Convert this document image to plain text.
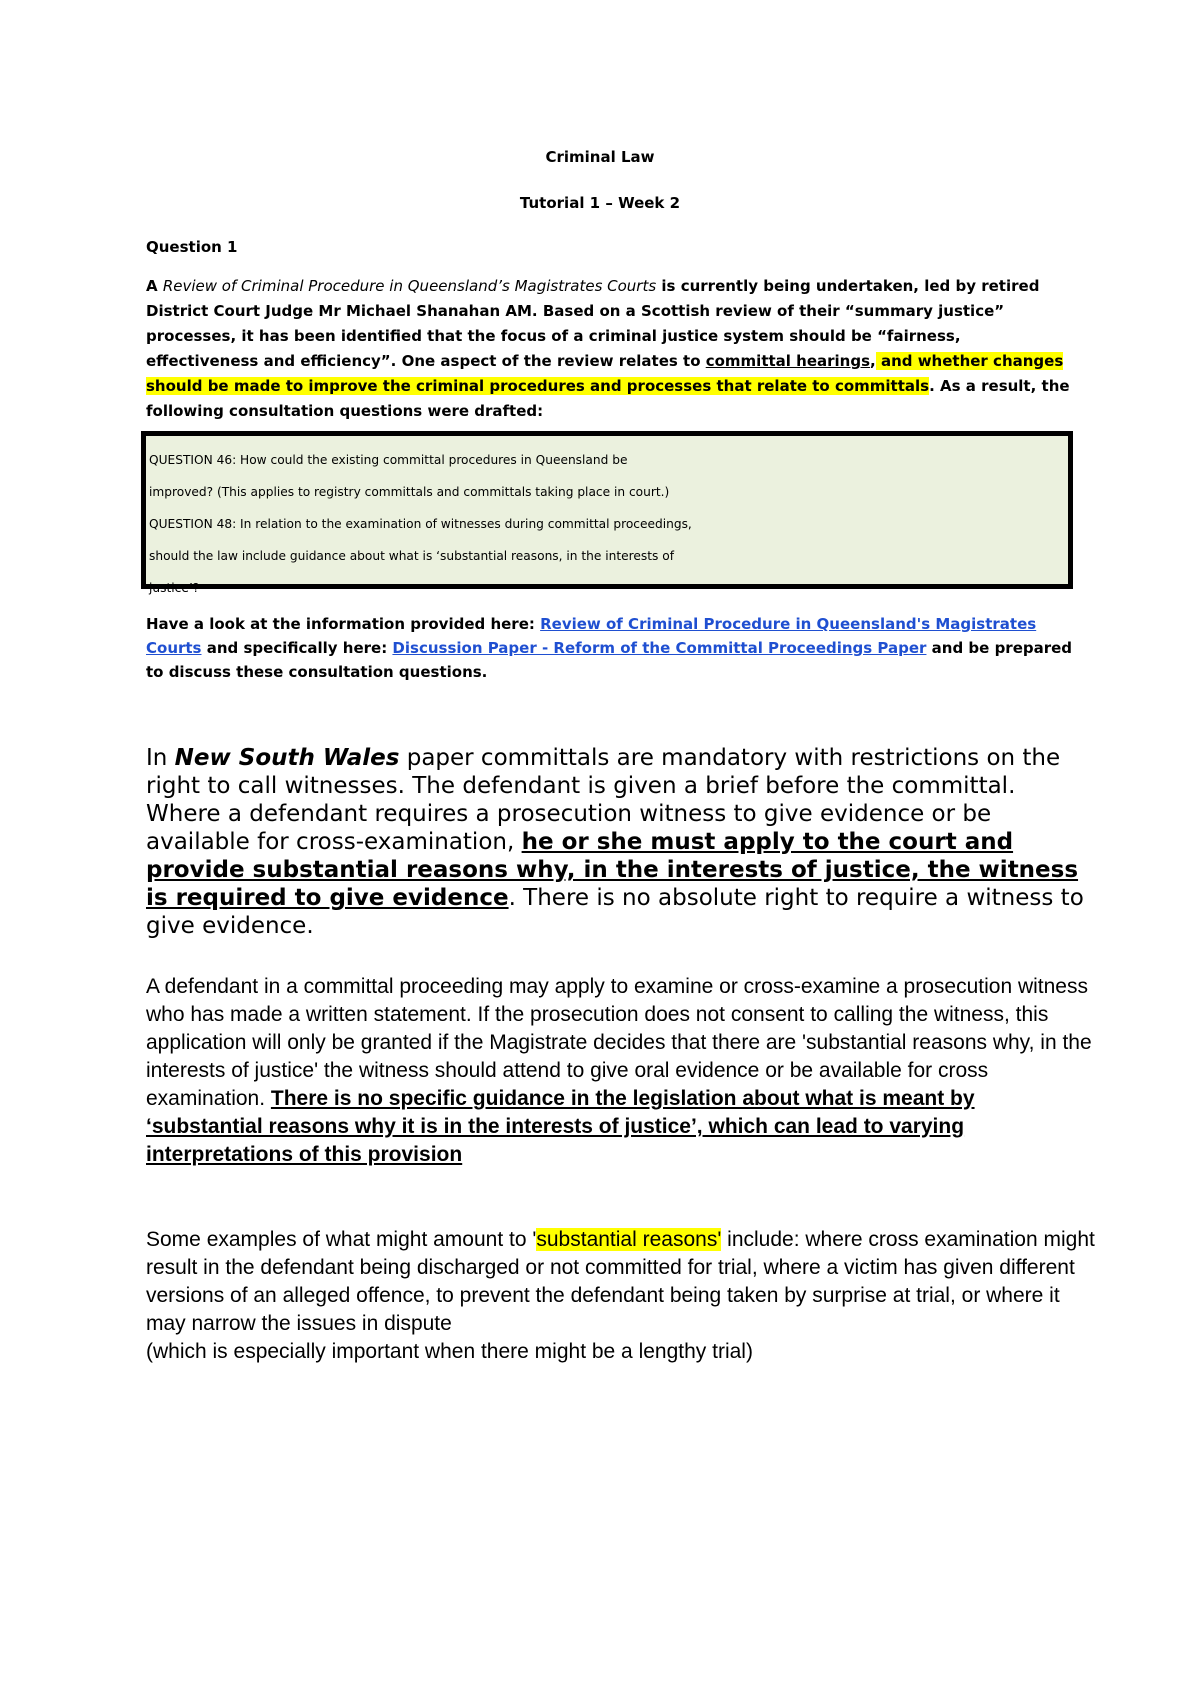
Criminal Law
Tutorial 1 – Week 2
Question 1
A Review of Criminal Procedure in Queensland’s Magistrates Courts is currently being undertaken, led by retired District Court Judge Mr Michael Shanahan AM. Based on a Scottish review of their “summary justice” processes, it has been identified that the focus of a criminal justice system should be “fairness, effectiveness and efficiency”. One aspect of the review relates to committal hearings, and whether changes should be made to improve the criminal procedures and processes that relate to committals. As a result, the following consultation questions were drafted:
QUESTION 46: How could the existing committal procedures in Queensland be
improved? (This applies to registry committals and committals taking place in court.)
QUESTION 48: In relation to the examination of witnesses during committal proceedings,
should the law include guidance about what is ‘substantial reasons, in the interests of
justice’?
Have a look at the information provided here: Review of Criminal Procedure in Queensland's Magistrates Courts and specifically here: Discussion Paper - Reform of the Committal Proceedings Paper and be prepared to discuss these consultation questions.
In New South Wales paper committals are mandatory with restrictions on the right to call witnesses. The defendant is given a brief before the committal. Where a defendant requires a prosecution witness to give evidence or be available for cross-examination, he or she must apply to the court and provide substantial reasons why, in the interests of justice, the witness is required to give evidence. There is no absolute right to require a witness to give evidence.
A defendant in a committal proceeding may apply to examine or cross-examine a prosecution witness who has made a written statement. If the prosecution does not consent to calling the witness, this application will only be granted if the Magistrate decides that there are 'substantial reasons why, in the interests of justice' the witness should attend to give oral evidence or be available for cross examination. There is no specific guidance in the legislation about what is meant by ‘substantial reasons why it is in the interests of justice’, which can lead to varying interpretations of this provision
Some examples of what might amount to 'substantial reasons' include: where cross examination might result in the defendant being discharged or not committed for trial, where a victim has given different versions of an alleged offence, to prevent the defendant being taken by surprise at trial, or where it may narrow the issues in dispute
(which is especially important when there might be a lengthy trial)
